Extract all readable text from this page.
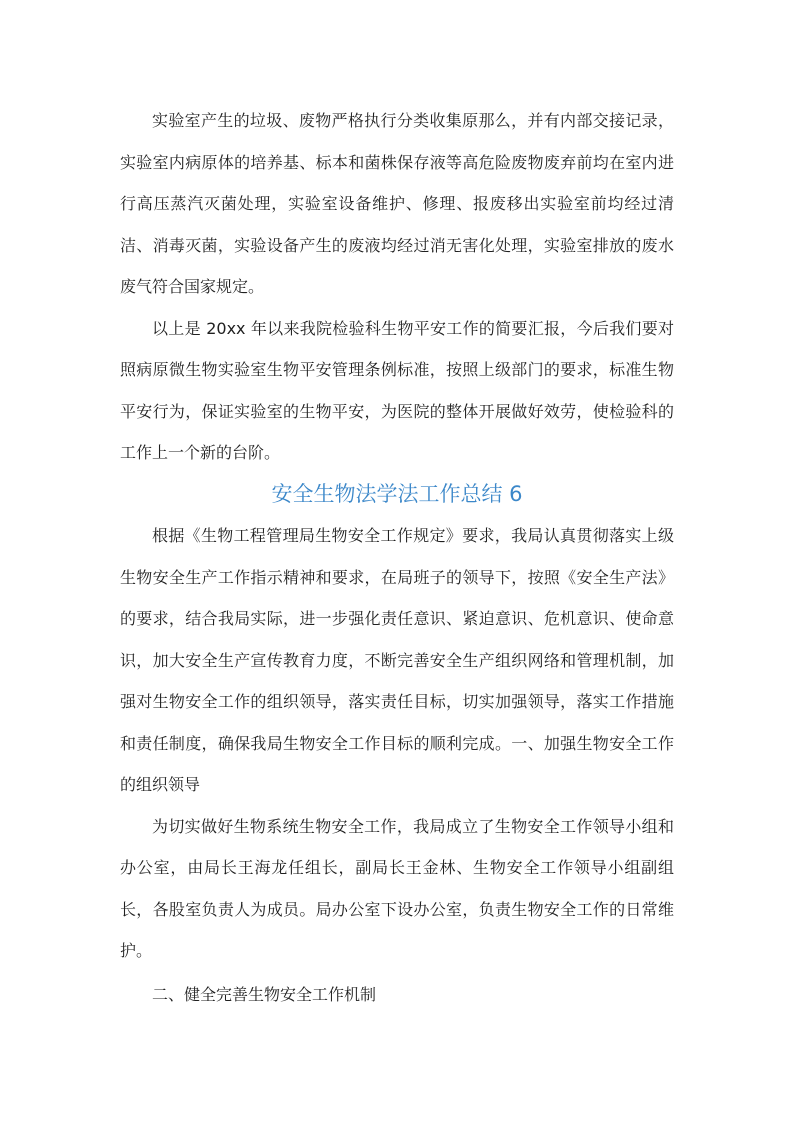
实验室产生的垃圾、废物严格执行分类收集原那么，并有内部交接记录，实验室内病原体的培养基、标本和菌株保存液等高危险废物废弃前均在室内进行高压蒸汽灭菌处理，实验室设备维护、修理、报废移出实验室前均经过清洁、消毒灭菌，实验设备产生的废液均经过消无害化处理，实验室排放的废水废气符合国家规定。

以上是 20xx 年以来我院检验科生物平安工作的简要汇报，今后我们要对照病原微生物实验室生物平安管理条例标准，按照上级部门的要求，标准生物平安行为，保证实验室的生物平安，为医院的整体开展做好效劳，使检验科的工作上一个新的台阶。

安全生物法学法工作总结 6

根据《生物工程管理局生物安全工作规定》要求，我局认真贯彻落实上级生物安全生产工作指示精神和要求，在局班子的领导下，按照《安全生产法》的要求，结合我局实际，进一步强化责任意识、紧迫意识、危机意识、使命意识，加大安全生产宣传教育力度，不断完善安全生产组织网络和管理机制，加强对生物安全工作的组织领导，落实责任目标，切实加强领导，落实工作措施和责任制度，确保我局生物安全工作目标的顺利完成。一、加强生物安全工作的组织领导

为切实做好生物系统生物安全工作，我局成立了生物安全工作领导小组和办公室，由局长王海龙任组长，副局长王金林、生物安全工作领导小组副组长，各股室负责人为成员。局办公室下设办公室，负责生物安全工作的日常维护。

二、健全完善生物安全工作机制
